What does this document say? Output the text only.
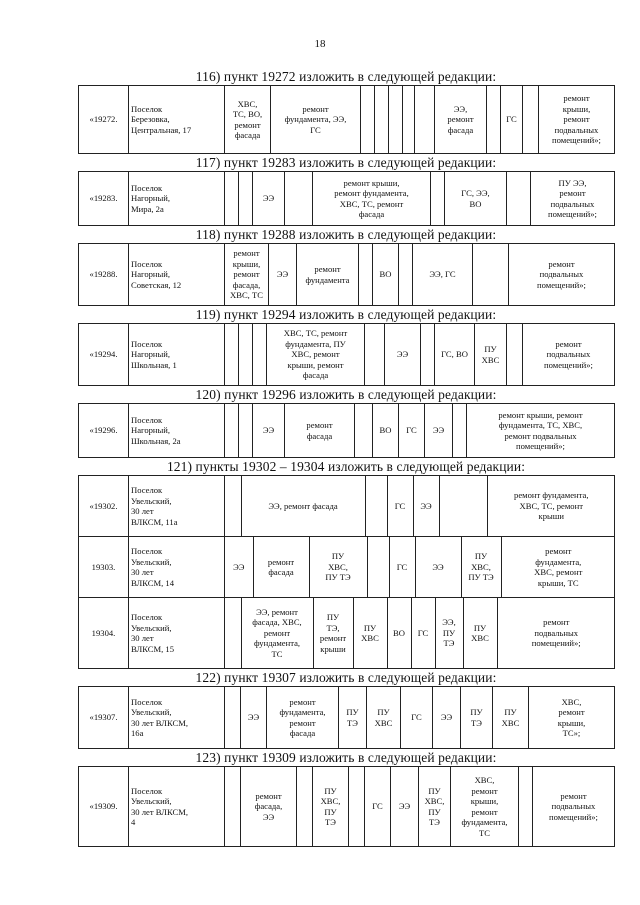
18
116) пункт 19272 изложить в следующей редакции:
«19272.	Поселок
Березовка,
Центральная, 17	ХВС,
ТС, ВО,
ремонт
фасада	ремонт
фундамента, ЭЭ,
ГС						ЭЭ,
ремонт
фасада		ГС		ремонт
крыши,
ремонт
подвальных
помещений»;
117) пункт 19283 изложить в следующей редакции:
«19283.	Поселок
Нагорный,
Мира, 2а			ЭЭ		ремонт крыши,
ремонт фундамента,
ХВС, ТС, ремонт
фасада		ГС, ЭЭ,
ВО		ПУ ЭЭ,
ремонт
подвальных
помещений»;
118) пункт 19288 изложить в следующей редакции:
«19288.	Поселок
Нагорный,
Советская, 12	ремонт
крыши,
ремонт
фасада,
ХВС, ТС	ЭЭ	ремонт
фундамента		ВО		ЭЭ, ГС		ремонт
подвальных
помещений»;
119) пункт 19294 изложить в следующей редакции:
«19294.	Поселок
Нагорный,
Школьная, 1				ХВС, ТС, ремонт
фундамента, ПУ
ХВС, ремонт
крыши, ремонт
фасада		ЭЭ		ГС, ВО	ПУ
ХВС		ремонт
подвальных
помещений»;
120) пункт 19296 изложить в следующей редакции:
«19296.	Поселок
Нагорный,
Школьная, 2а			ЭЭ	ремонт
фасада		ВО	ГС	ЭЭ		ремонт крыши, ремонт
фундамента, ТС, ХВС,
ремонт подвальных
помещений»;
121) пункты 19302 – 19304 изложить в следующей редакции:
«19302.	Поселок
Увельский,
30 лет
ВЛКСМ, 11а	
	ЭЭ, ремонт фасада		ГС	ЭЭ		ремонт фундамента,
ХВС, ТС, ремонт
крыши

19303.	Поселок
Увельский,
30 лет
ВЛКСМ, 14	
ЭЭ	ремонт
фасада	ПУ
ХВС,
ПУ ТЭ		ГС	ЭЭ	ПУ
ХВС,
ПУ ТЭ	ремонт
фундамента,
ХВС, ремонт
крыши, ТС

19304.	Поселок
Увельский,
30 лет
ВЛКСМ, 15	
	ЭЭ, ремонт
фасада, ХВС,
ремонт
фундамента,
ТС	ПУ
ТЭ,
ремонт
крыши	ПУ
ХВС	ВО	ГС	ЭЭ,
ПУ
ТЭ	ПУ
ХВС	ремонт
подвальных
помещений»;
122) пункт 19307 изложить в следующей редакции:
«19307.	Поселок
Увельский,
30 лет ВЛКСМ,
16а		ЭЭ	ремонт
фундамента,
ремонт
фасада	ПУ
ТЭ	ПУ
ХВС	ГС	ЭЭ	ПУ
ТЭ	ПУ
ХВС	ХВС,
ремонт
крыши,
ТС»;
123) пункт 19309 изложить в следующей редакции:
«19309.	Поселок
Увельский,
30 лет ВЛКСМ,
4		ремонт
фасада,
ЭЭ		ПУ
ХВС,
ПУ
ТЭ		ГС	ЭЭ	ПУ
ХВС,
ПУ
ТЭ	ХВС,
ремонт
крыши,
ремонт
фундамента,
ТС		ремонт
подвальных
помещений»;
